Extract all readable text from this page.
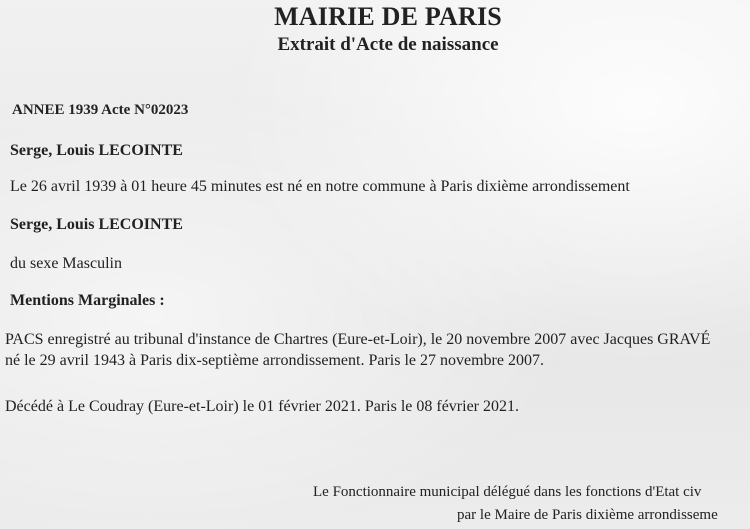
MAIRIE DE PARIS
Extrait d'Acte de naissance
ANNEE 1939 Acte N°02023
Serge, Louis LECOINTE
Le 26 avril 1939 à 01 heure 45 minutes est né en notre commune à Paris dixième arrondissement
Serge, Louis LECOINTE
du sexe Masculin
Mentions Marginales :
PACS enregistré au tribunal d'instance de Chartres (Eure-et-Loir), le 20 novembre 2007 avec Jacques GRAVÉ né le 29 avril 1943 à Paris dix-septième arrondissement. Paris le 27 novembre 2007.
Décédé à Le Coudray (Eure-et-Loir) le 01 février 2021. Paris le 08 février 2021.
Le Fonctionnaire municipal délégué dans les fonctions d'Etat civ
par le Maire de Paris dixième arrondisseme
